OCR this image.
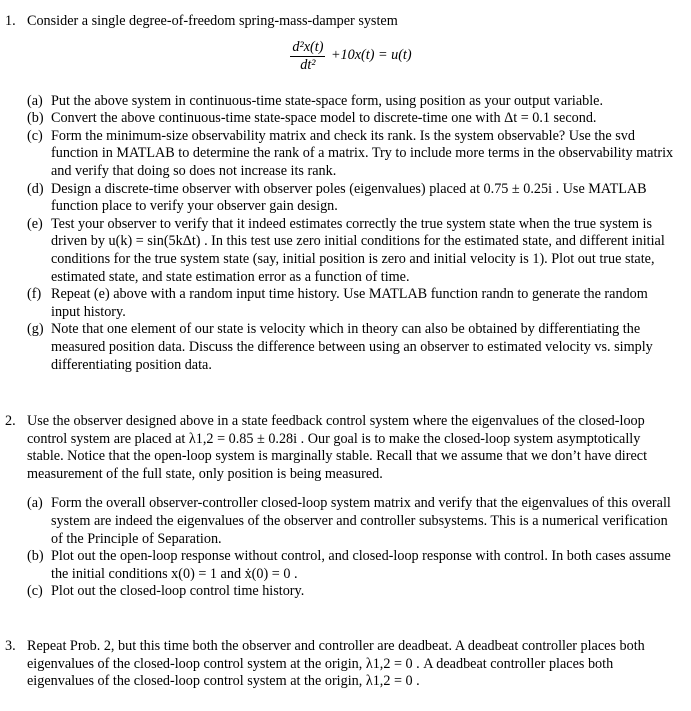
1. Consider a single degree-of-freedom spring-mass-damper system
$\frac{\text{d²x(t)}}{\text{dt²}} +10x(t) = u(t)$
(a) Put the above system in continuous-time state-space form, using position as your output variable.
(b) Convert the above continuous-time state-space model to discrete-time one with Δt = 0.1 second.
(c) Form the minimum-size observability matrix and check its rank. Is the system observable? Use the svd function in MATLAB to determine the rank of a matrix. Try to include more terms in the observability matrix and verify that doing so does not increase its rank.
(d) Design a discrete-time observer with observer poles (eigenvalues) placed at 0.75 ± 0.25i . Use MATLAB function place to verify your observer gain design.
(e) Test your observer to verify that it indeed estimates correctly the true system state when the true system is driven by u(k) = sin(5kΔt) . In this test use zero initial conditions for the estimated state, and different initial conditions for the true system state (say, initial position is zero and initial velocity is 1). Plot out true state, estimated state, and state estimation error as a function of time.
(f) Repeat (e) above with a random input time history. Use MATLAB function randn to generate the random input history.
(g) Note that one element of our state is velocity which in theory can also be obtained by differentiating the measured position data. Discuss the difference between using an observer to estimated velocity vs. simply differentiating position data.
2. Use the observer designed above in a state feedback control system where the eigenvalues of the closed-loop control system are placed at λ1,2 = 0.85 ± 0.28i . Our goal is to make the closed-loop system asymptotically stable. Notice that the open-loop system is marginally stable. Recall that we assume that we don’t have direct measurement of the full state, only position is being measured.
(a) Form the overall observer-controller closed-loop system matrix and verify that the eigenvalues of this overall system are indeed the eigenvalues of the observer and controller subsystems. This is a numerical verification of the Principle of Separation.
(b) Plot out the open-loop response without control, and closed-loop response with control. In both cases assume the initial conditions x(0) = 1 and ẋ(0) = 0 .
(c) Plot out the closed-loop control time history.
3. Repeat Prob. 2, but this time both the observer and controller are deadbeat. A deadbeat controller places both eigenvalues of the closed-loop control system at the origin, λ1,2 = 0 . A deadbeat controller places both eigenvalues of the closed-loop control system at the origin, λ1,2 = 0 .
